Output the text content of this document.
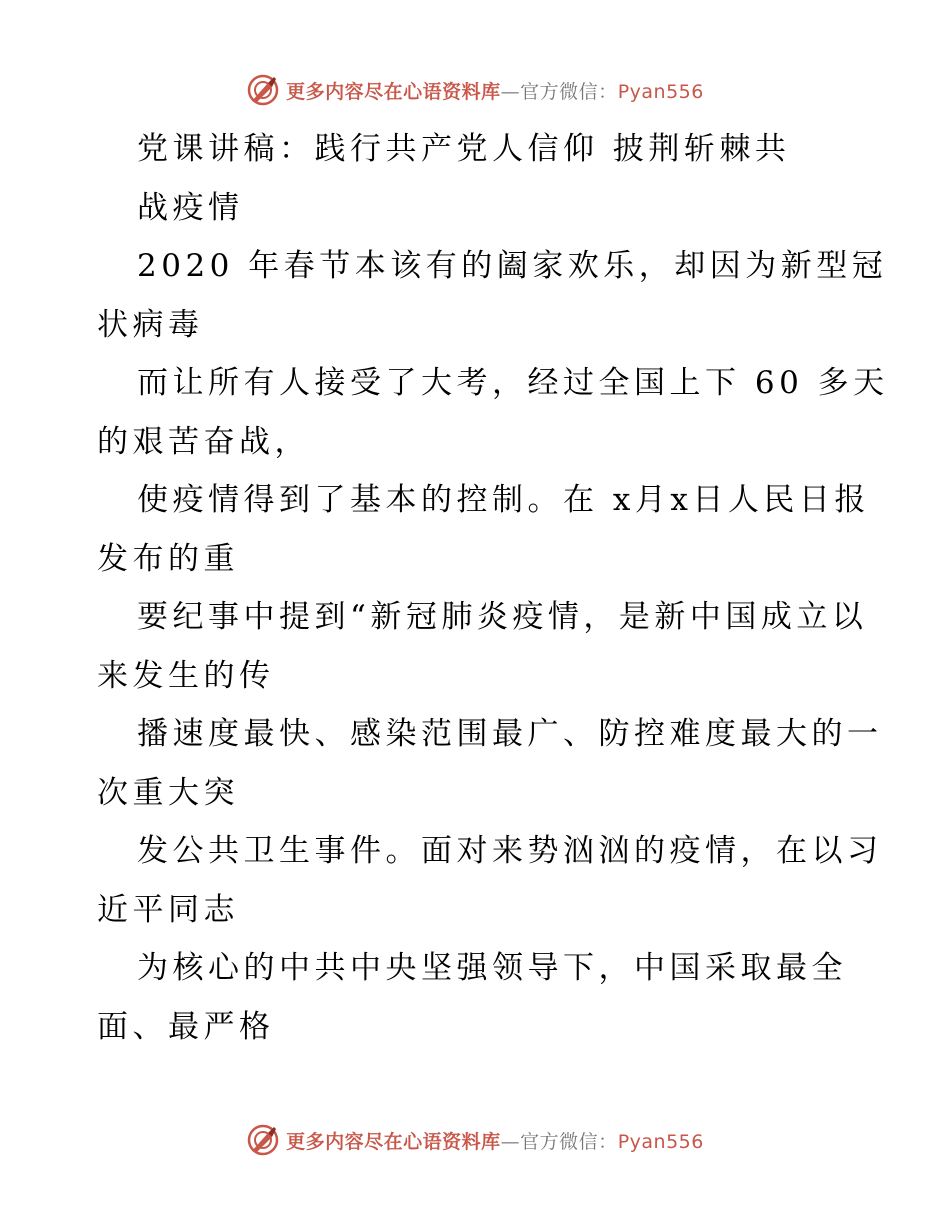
更多内容尽在心语资料库—官方微信：Pyan556
党课讲稿：践行共产党人信仰 披荆斩棘共
战疫情
2020 年春节本该有的阖家欢乐，却因为新型冠
状病毒
而让所有人接受了大考，经过全国上下 60 多天
的艰苦奋战，
使疫情得到了基本的控制。在 x月x日人民日报
发布的重
要纪事中提到“新冠肺炎疫情，是新中国成立以
来发生的传
播速度最快、感染范围最广、防控难度最大的一
次重大突
发公共卫生事件。面对来势汹汹的疫情，在以习
近平同志
为核心的中共中央坚强领导下，中国采取最全
面、最严格
更多内容尽在心语资料库—官方微信：Pyan556
